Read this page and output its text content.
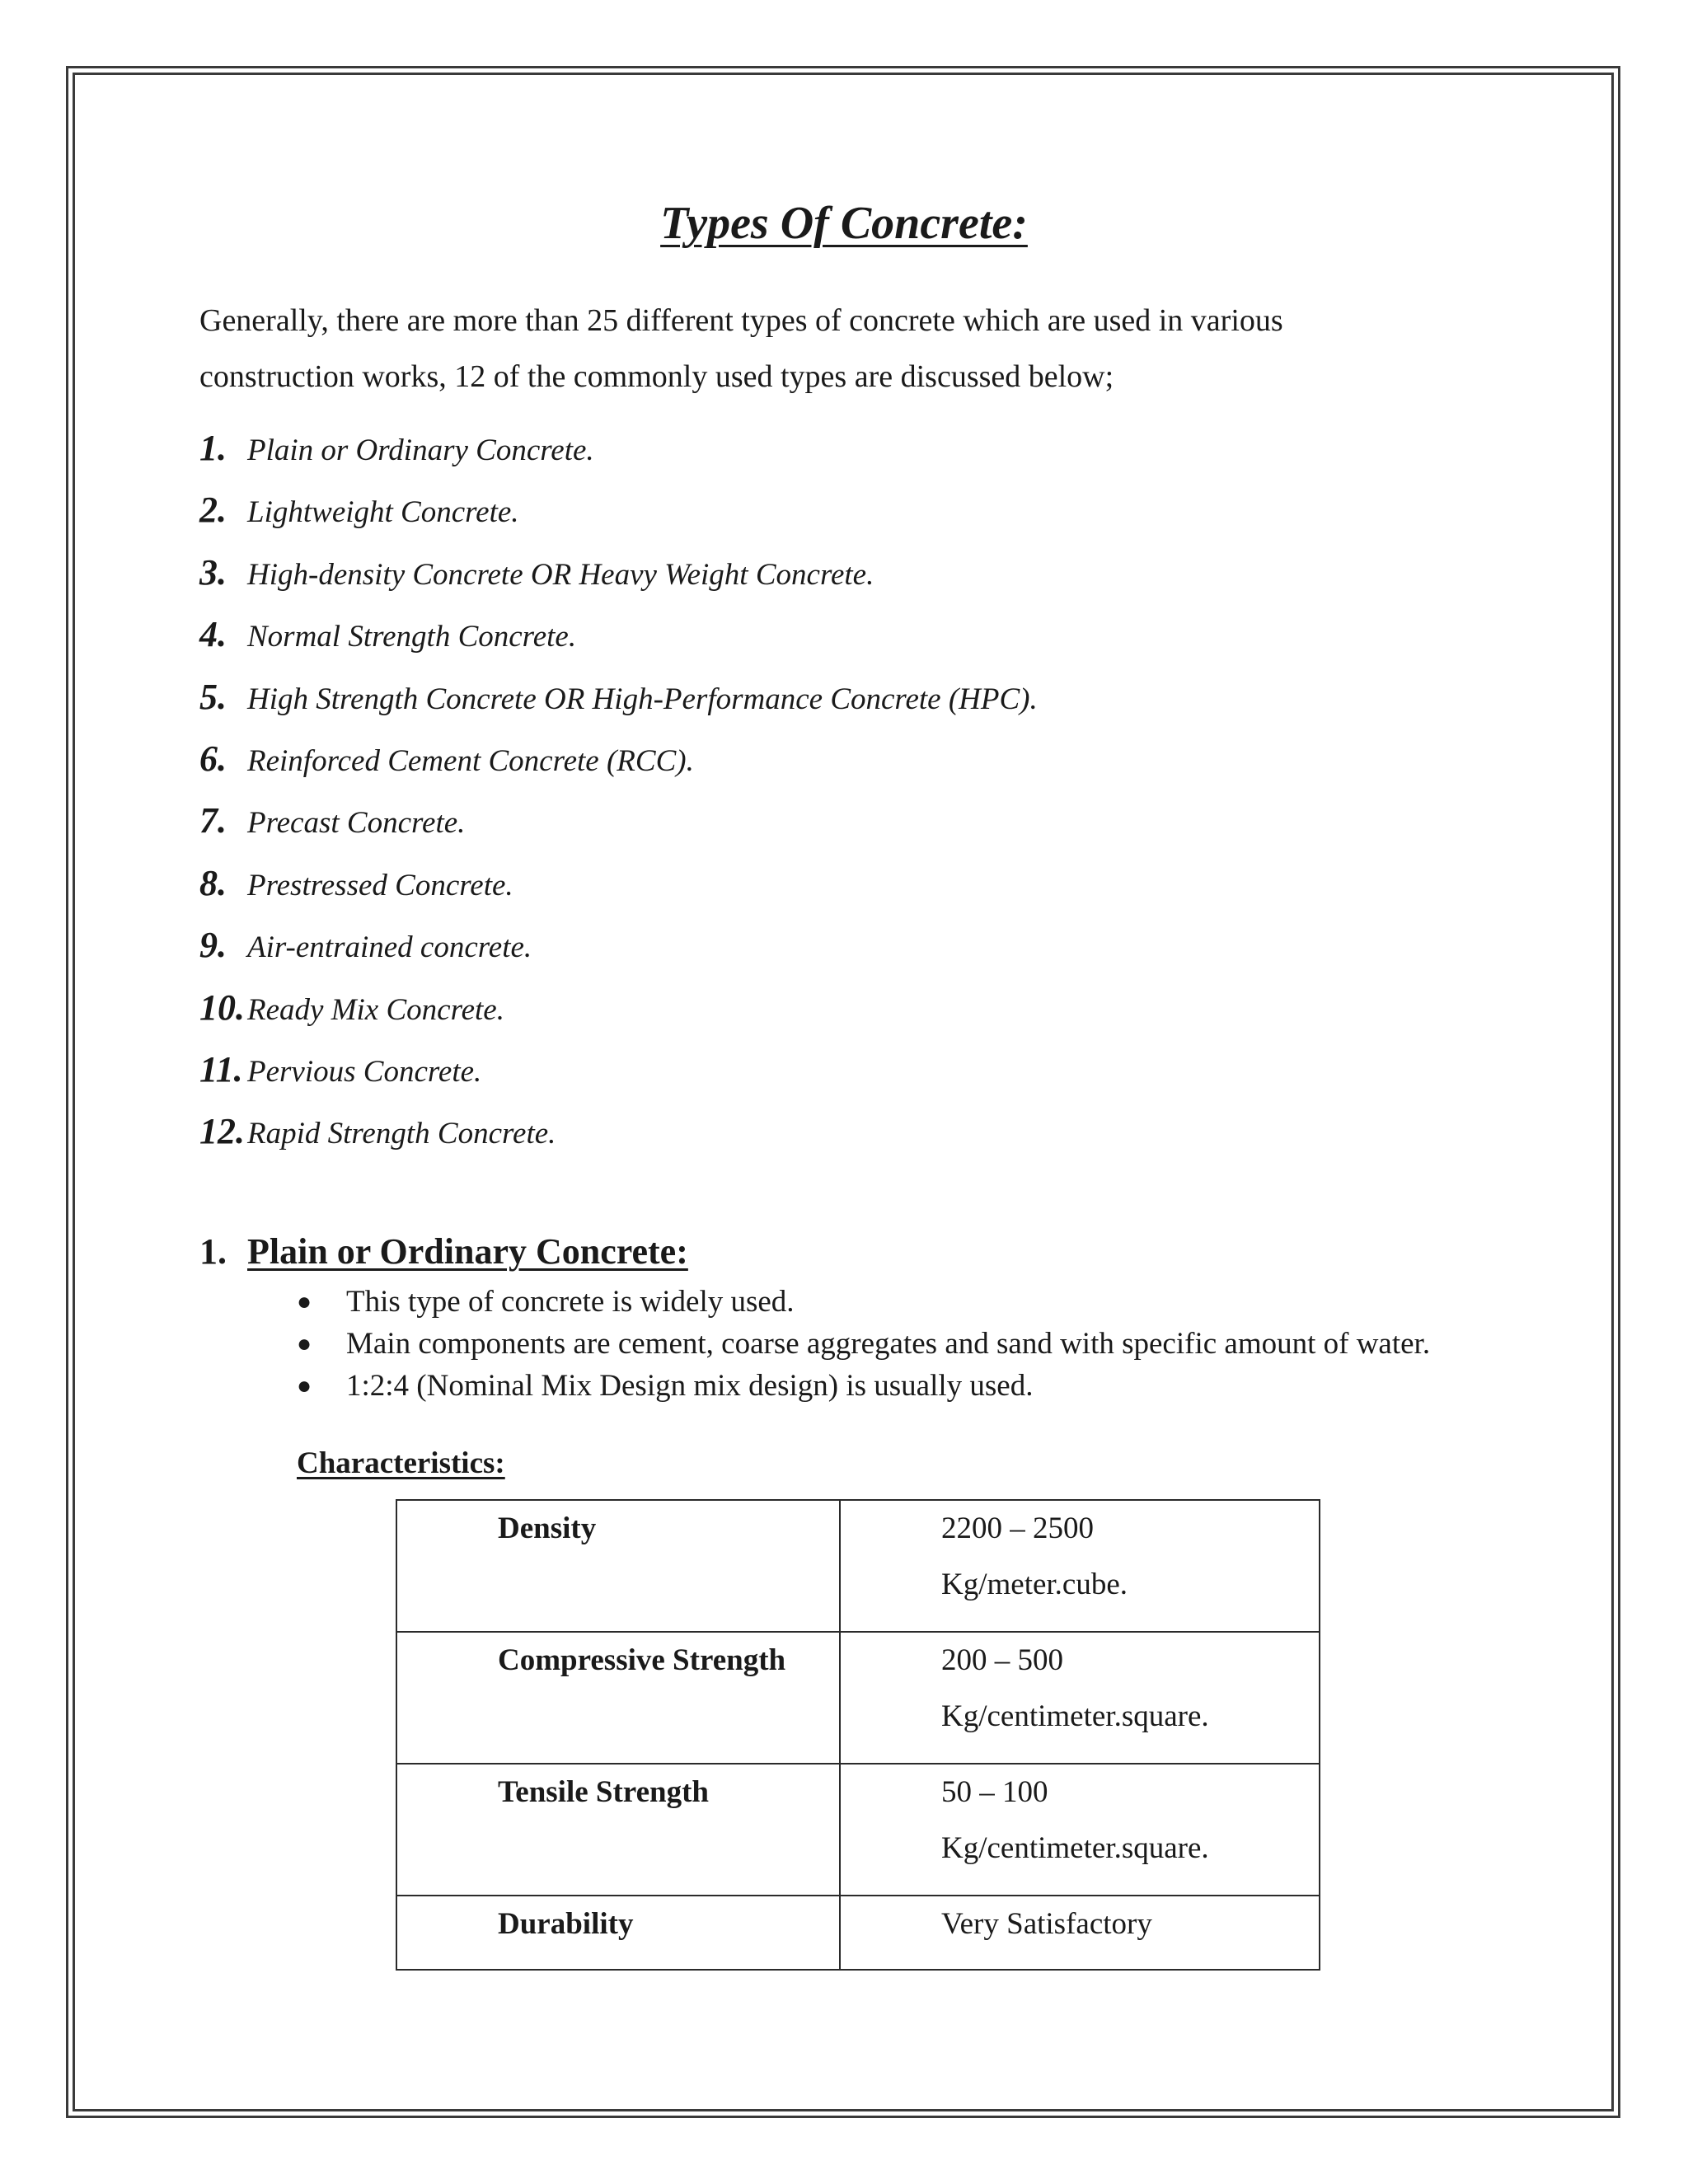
Types Of Concrete:
Generally, there are more than 25 different types of concrete which are used in various construction works, 12 of the commonly used types are discussed below;
1. Plain or Ordinary Concrete.
2. Lightweight Concrete.
3. High-density Concrete OR Heavy Weight Concrete.
4. Normal Strength Concrete.
5. High Strength Concrete OR High-Performance Concrete (HPC).
6. Reinforced Cement Concrete (RCC).
7. Precast Concrete.
8. Prestressed Concrete.
9. Air-entrained concrete.
10. Ready Mix Concrete.
11. Pervious Concrete.
12. Rapid Strength Concrete.
1. Plain or Ordinary Concrete:
●	This type of concrete is widely used.
●	Main components are cement, coarse aggregates and sand with specific amount of water.
●	1:2:4 (Nominal Mix Design mix design) is usually used.
Characteristics:
Density	2200 – 2500
Kg/meter.cube.

Compressive Strength	200 – 500
Kg/centimeter.square.

Tensile Strength	50 – 100
Kg/centimeter.square.

Durability	Very Satisfactory
